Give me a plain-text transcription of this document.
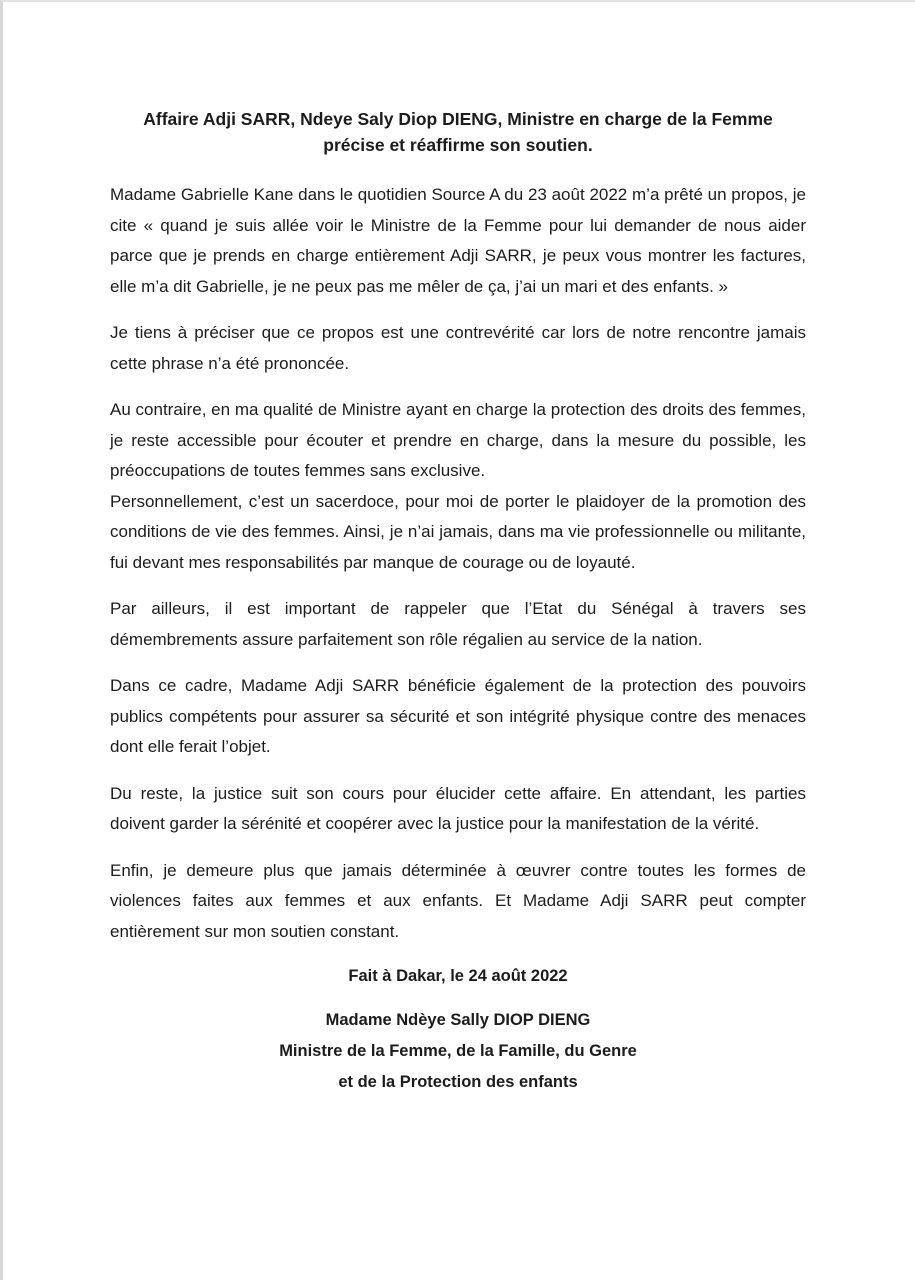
Affaire Adji SARR, Ndeye Saly Diop DIENG, Ministre en charge de la Femme
précise et réaffirme son soutien.

Madame Gabrielle Kane dans le quotidien Source A du 23 août 2022 m’a prêté un propos, je cite « quand je suis allée voir le Ministre de la Femme pour lui demander de nous aider parce que je prends en charge entièrement Adji SARR, je peux vous montrer les factures, elle m’a dit Gabrielle, je ne peux pas me mêler de ça, j’ai un mari et des enfants. »

Je tiens à préciser que ce propos est une contrevérité car lors de notre rencontre jamais cette phrase n’a été prononcée.

Au contraire, en ma qualité de Ministre ayant en charge la protection des droits des femmes, je reste accessible pour écouter et prendre en charge, dans la mesure du possible, les préoccupations de toutes femmes sans exclusive.

Personnellement, c’est un sacerdoce, pour moi de porter le plaidoyer de la promotion des conditions de vie des femmes. Ainsi, je n’ai jamais, dans ma vie professionnelle ou militante, fui devant mes responsabilités par manque de courage ou de loyauté.

Par ailleurs, il est important de rappeler que l’Etat du Sénégal à travers ses démembrements assure parfaitement son rôle régalien au service de la nation.

Dans ce cadre, Madame Adji SARR bénéficie également de la protection des pouvoirs publics compétents pour assurer sa sécurité et son intégrité physique contre des menaces dont elle ferait l’objet.

Du reste, la justice suit son cours pour élucider cette affaire. En attendant, les parties doivent garder la sérénité et coopérer avec la justice pour la manifestation de la vérité.

Enfin, je demeure plus que jamais déterminée à œuvrer contre toutes les formes de violences faites aux femmes et aux enfants. Et Madame Adji SARR peut compter entièrement sur mon soutien constant.

Fait à Dakar, le 24 août 2022
Madame Ndèye Sally DIOP DIENG
Ministre de la Femme, de la Famille, du Genre
et de la Protection des enfants
